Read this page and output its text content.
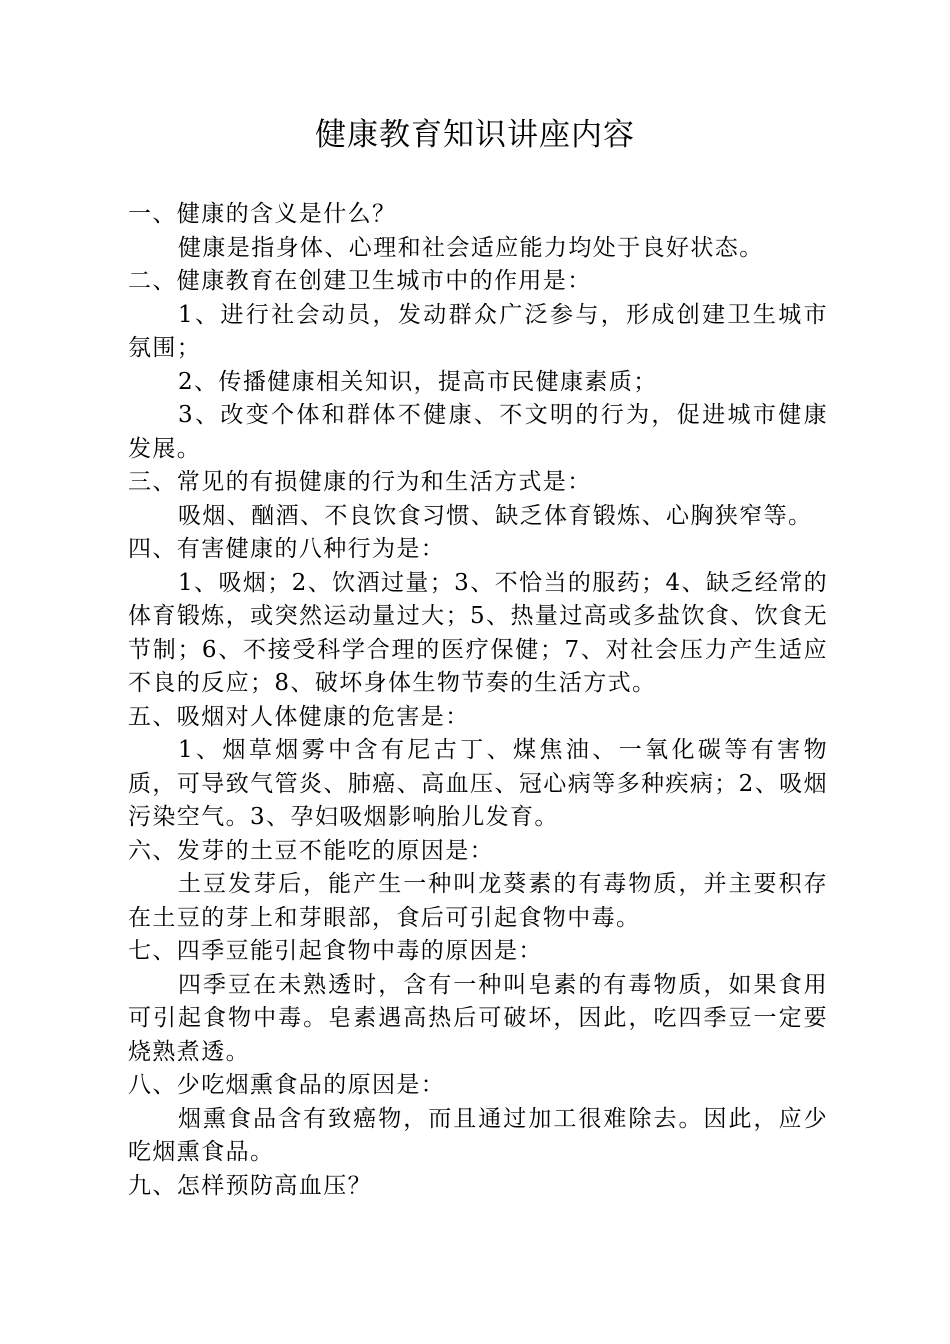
健康教育知识讲座内容

一、健康的含义是什么？

健康是指身体、心理和社会适应能力均处于良好状态。

二、健康教育在创建卫生城市中的作用是：

1、进行社会动员，发动群众广泛参与，形成创建卫生城市氛围；

2、传播健康相关知识，提高市民健康素质；

3、改变个体和群体不健康、不文明的行为，促进城市健康发展。

三、常见的有损健康的行为和生活方式是：

吸烟、酗酒、不良饮食习惯、缺乏体育锻炼、心胸狭窄等。

四、有害健康的八种行为是：

1、吸烟；2、饮酒过量；3、不恰当的服药；4、缺乏经常的体育锻炼，或突然运动量过大；5、热量过高或多盐饮食、饮食无节制；6、不接受科学合理的医疗保健；7、对社会压力产生适应不良的反应；8、破坏身体生物节奏的生活方式。

五、吸烟对人体健康的危害是：

1、烟草烟雾中含有尼古丁、煤焦油、一氧化碳等有害物质，可导致气管炎、肺癌、高血压、冠心病等多种疾病；2、吸烟污染空气。3、孕妇吸烟影响胎儿发育。

六、发芽的土豆不能吃的原因是：

土豆发芽后，能产生一种叫龙葵素的有毒物质，并主要积存在土豆的芽上和芽眼部，食后可引起食物中毒。

七、四季豆能引起食物中毒的原因是：

四季豆在未熟透时，含有一种叫皂素的有毒物质，如果食用可引起食物中毒。皂素遇高热后可破坏，因此，吃四季豆一定要烧熟煮透。

八、少吃烟熏食品的原因是：

烟熏食品含有致癌物，而且通过加工很难除去。因此，应少吃烟熏食品。

九、怎样预防高血压？
